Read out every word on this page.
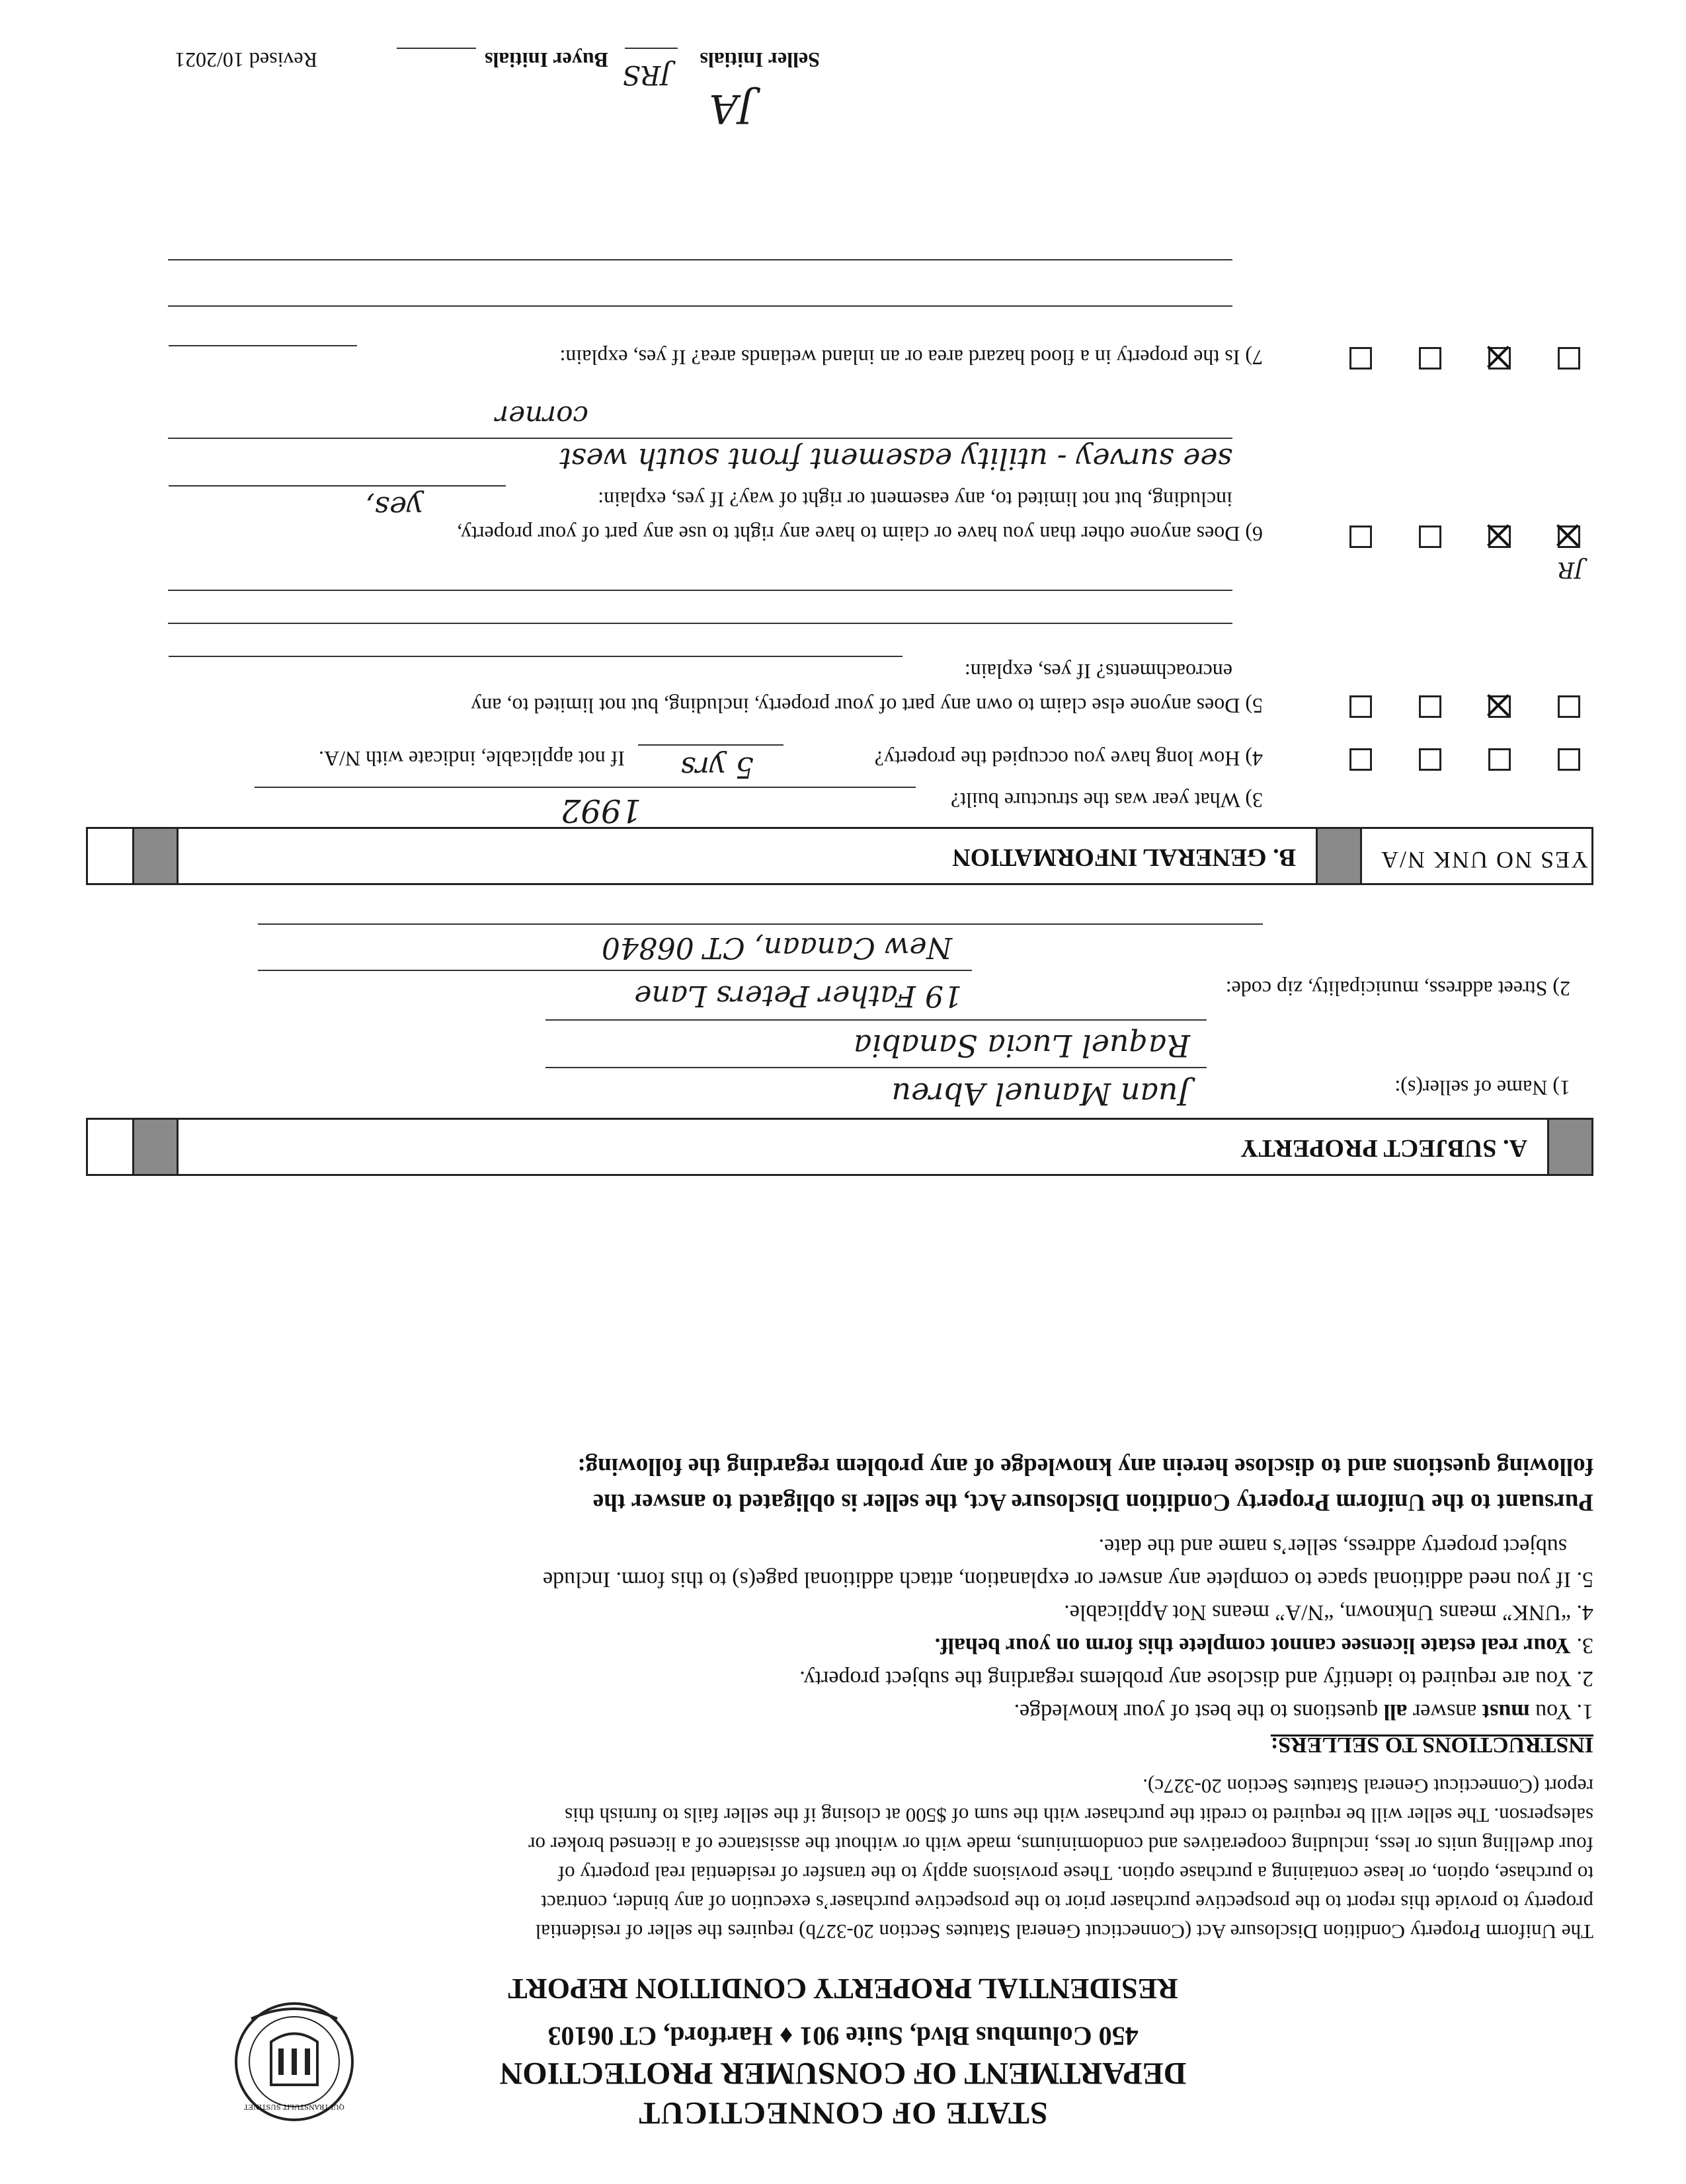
QUI TRANSTULIT SUSTINET	STATE OF CONNECTICUT
DEPARTMENT OF CONSUMER PROTECTION
450 Columbus Blvd, Suite 901 ♦ Hartford, CT 06103
RESIDENTIAL PROPERTY CONDITION REPORT
The Uniform Property Condition Disclosure Act (Connecticut General Statutes Section 20-327b) requires the seller of residential
property to provide this report to the prospective purchaser prior to the prospective purchaser’s execution of any binder, contract
to purchase, option, or lease containing a purchase option. These provisions apply to the transfer of residential real property of
four dwelling units or less, including cooperatives and condominiums, made with or without the assistance of a licensed broker or
salesperson. The seller will be required to credit the purchaser with the sum of $500 at closing if the seller fails to furnish this
report (Connecticut General Statutes Section 20-327c).
INSTRUCTIONS TO SELLERS:
1. You must answer all questions to the best of your knowledge.
2. You are required to identify and disclose any problems regarding the subject property.
3. Your real estate licensee cannot complete this form on your behalf.
4. “UNK” means Unknown, “N/A” means Not Applicable.
5. If you need additional space to complete any answer or explanation, attach additional page(s) to this form. Include
subject property address, seller’s name and the date.
Pursuant to the Uniform Property Condition Disclosure Act, the seller is obligated to answer the
following questions and to disclose herein any knowledge of any problem regarding the following:
A. SUBJECT PROPERTY
1) Name of seller(s):
Juan Manuel Abreu
Raquel Lucia Sanabia
2) Street address, municipality, zip code:
19 Father Peters Lane
New Canaan, CT 06840
YES NO UNK N/A
B. GENERAL INFORMATION
3) What year was the structure built?
1992
4) How long have you occupied the property?
5 yrs
If not applicable, indicate with N/A.
5) Does anyone else claim to own any part of your property, including, but not limited to, any
encroachments? If yes, explain:
JR
6) Does anyone other than you have or claim to have any right to use any part of your property,
including, but not limited to, any easement or right of way? If yes, explain:
yes,
see survey - utility easement front south west
corner
7) Is the property in a flood hazard area or an inland wetlands area? If yes, explain:
Seller Initials
JRS
Buyer Initials
Revised 10/2021
JA
